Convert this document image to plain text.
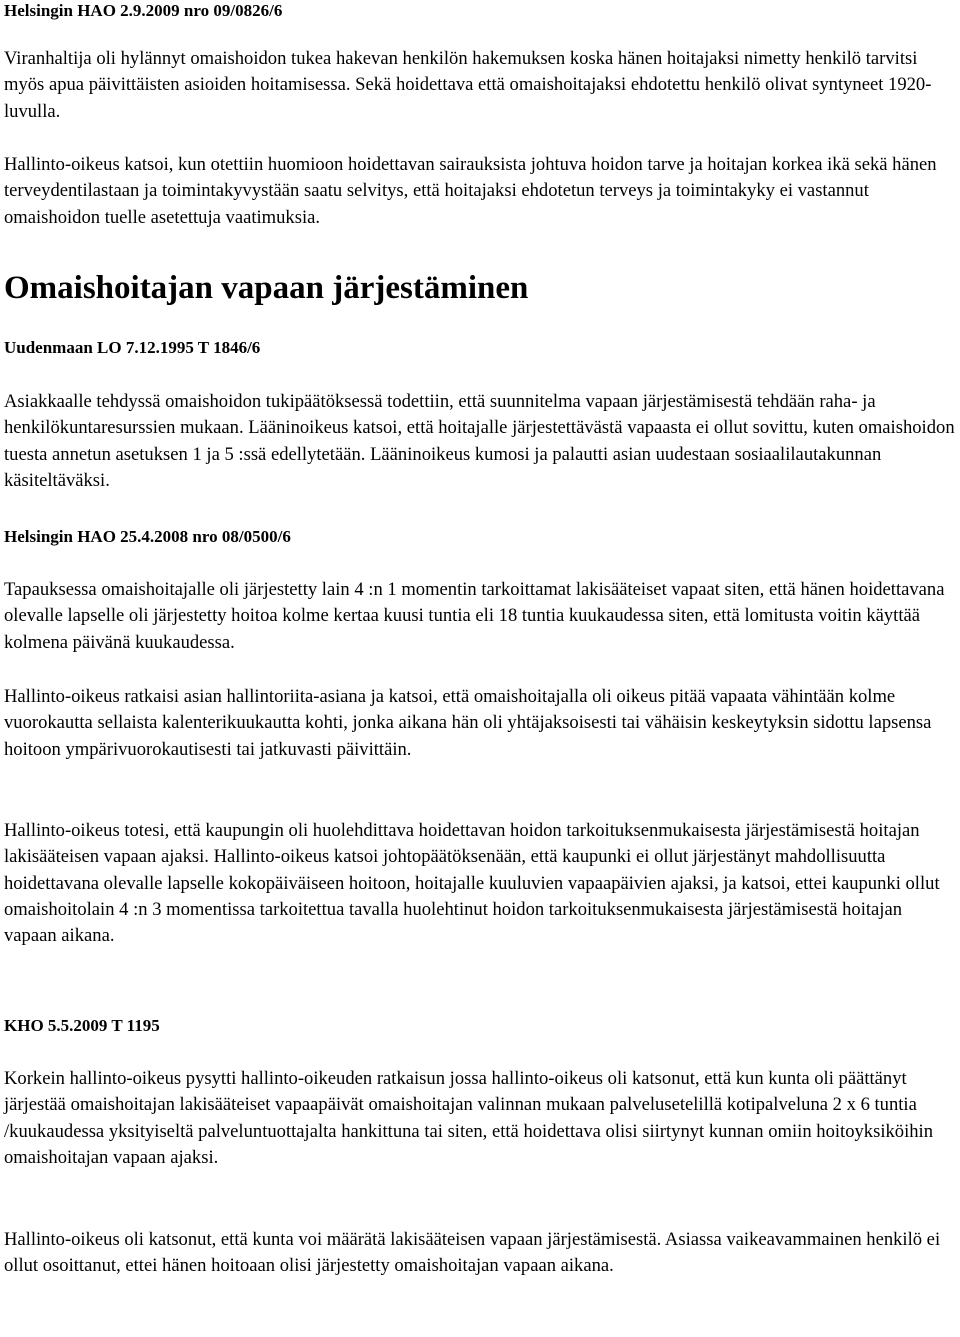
Helsingin HAO 2.9.2009 nro 09/0826/6

Viranhaltija oli hylännyt omaishoidon tukea hakevan henkilön hakemuksen koska hänen hoitajaksi nimetty henkilö tarvitsi myös apua päivittäisten asioiden hoitamisessa. Sekä hoidettava että omaishoitajaksi ehdotettu henkilö olivat syntyneet 1920-luvulla.

Hallinto-oikeus katsoi, kun otettiin huomioon hoidettavan sairauksista johtuva hoidon tarve ja hoitajan korkea ikä sekä hänen terveydentilastaan ja toimintakyvystään saatu selvitys, että hoitajaksi ehdotetun terveys ja toimintakyky ei vastannut omaishoidon tuelle asetettuja vaatimuksia.

Omaishoitajan vapaan järjestäminen

Uudenmaan LO 7.12.1995 T 1846/6

Asiakkaalle tehdyssä omaishoidon tukipäätöksessä todettiin, että suunnitelma vapaan järjestämisestä tehdään raha- ja henkilökuntaresurssien mukaan. Lääninoikeus katsoi, että hoitajalle järjestettävästä vapaasta ei ollut sovittu, kuten omaishoidon tuesta annetun asetuksen 1 ja 5 :ssä edellytetään. Lääninoikeus kumosi ja palautti asian uudestaan sosiaalilautakunnan käsiteltäväksi.

Helsingin HAO 25.4.2008 nro 08/0500/6

Tapauksessa omaishoitajalle oli järjestetty lain 4 :n 1 momentin tarkoittamat lakisääteiset vapaat siten, että hänen hoidettavana olevalle lapselle oli järjestetty hoitoa kolme kertaa kuusi tuntia eli 18 tuntia kuukaudessa siten, että lomitusta voitin käyttää kolmena päivänä kuukaudessa.

Hallinto-oikeus ratkaisi asian hallintoriita-asiana ja katsoi, että omaishoitajalla oli oikeus pitää vapaata vähintään kolme vuorokautta sellaista kalenterikuukautta kohti, jonka aikana hän oli yhtäjaksoisesti tai vähäisin keskeytyksin sidottu lapsensa hoitoon ympärivuorokautisesti tai jatkuvasti päivittäin.

Hallinto-oikeus totesi, että kaupungin oli huolehdittava hoidettavan hoidon tarkoituksenmukaisesta järjestämisestä hoitajan lakisääteisen vapaan ajaksi. Hallinto-oikeus katsoi johtopäätöksenään, että kaupunki ei ollut järjestänyt mahdollisuutta hoidettavana olevalle lapselle kokopäiväiseen hoitoon, hoitajalle kuuluvien vapaapäivien ajaksi, ja katsoi, ettei kaupunki ollut omaishoitolain 4 :n 3 momentissa tarkoitettua tavalla huolehtinut hoidon tarkoituksenmukaisesta järjestämisestä hoitajan vapaan aikana.

KHO 5.5.2009 T 1195

Korkein hallinto-oikeus pysytti hallinto-oikeuden ratkaisun jossa hallinto-oikeus oli katsonut, että kun kunta oli päättänyt järjestää omaishoitajan lakisääteiset vapaapäivät omaishoitajan valinnan mukaan palvelusetelillä kotipalveluna 2 x 6 tuntia /kuukaudessa yksityiseltä palveluntuottajalta hankittuna tai siten, että hoidettava olisi siirtynyt kunnan omiin hoitoyksiköihin omaishoitajan vapaan ajaksi.

Hallinto-oikeus oli katsonut, että kunta voi määrätä lakisääteisen vapaan järjestämisestä. Asiassa vaikeavammainen henkilö ei ollut osoittanut, ettei hänen hoitoaan olisi järjestetty omaishoitajan vapaan aikana.
